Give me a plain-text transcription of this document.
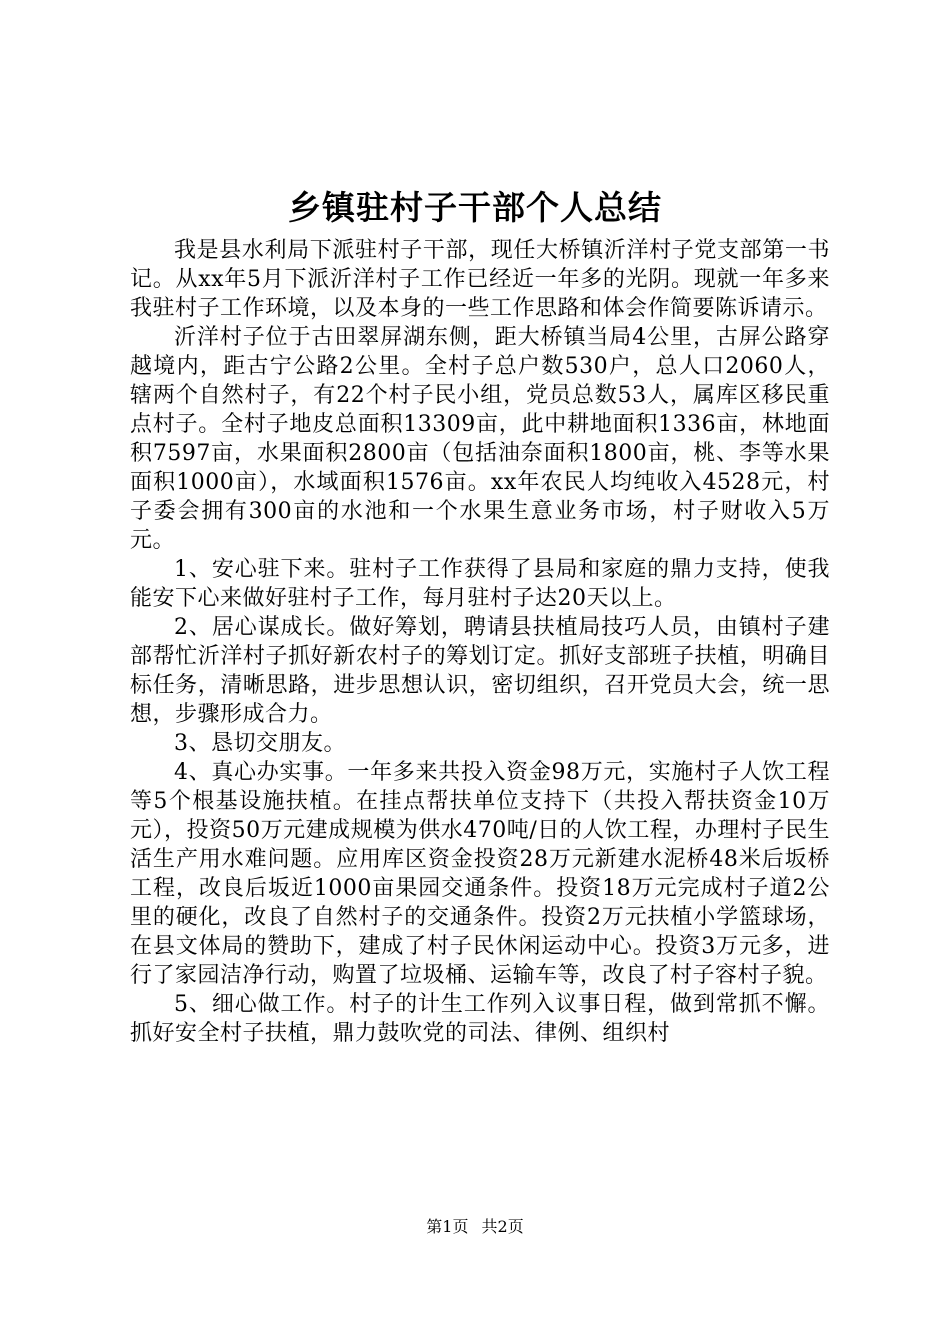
乡镇驻村子干部个人总结

我是县水利局下派驻村子干部，现任大桥镇沂洋村子党支部第一书记。从xx年5月下派沂洋村子工作已经近一年多的光阴。现就一年多来我驻村子工作环境，以及本身的一些工作思路和体会作简要陈诉请示。

沂洋村子位于古田翠屏湖东侧，距大桥镇当局4公里，古屏公路穿越境内，距古宁公路2公里。全村子总户数530户，总人口2060人，辖两个自然村子，有22个村子民小组，党员总数53人，属库区移民重点村子。全村子地皮总面积13309亩，此中耕地面积1336亩，林地面积7597亩，水果面积2800亩（包括油奈面积1800亩，桃、李等水果面积1000亩），水域面积1576亩。xx年农民人均纯收入4528元，村子委会拥有300亩的水池和一个水果生意业务市场，村子财收入5万元。

1、安心驻下来。驻村子工作获得了县局和家庭的鼎力支持，使我能安下心来做好驻村子工作，每月驻村子达20天以上。

2、居心谋成长。做好筹划，聘请县扶植局技巧人员，由镇村子建部帮忙沂洋村子抓好新农村子的筹划订定。抓好支部班子扶植，明确目标任务，清晰思路，进步思想认识，密切组织，召开党员大会，统一思想，步骤形成合力。

3、恳切交朋友。

4、真心办实事。一年多来共投入资金98万元，实施村子人饮工程等5个根基设施扶植。在挂点帮扶单位支持下（共投入帮扶资金10万元），投资50万元建成规模为供水470吨/日的人饮工程，办理村子民生活生产用水难问题。应用库区资金投资28万元新建水泥桥48米后坂桥工程，改良后坂近1000亩果园交通条件。投资18万元完成村子道2公里的硬化，改良了自然村子的交通条件。投资2万元扶植小学篮球场，在县文体局的赞助下，建成了村子民休闲运动中心。投资3万元多，进行了家园洁净行动，购置了垃圾桶、运输车等，改良了村子容村子貌。

5、细心做工作。村子的计生工作列入议事日程，做到常抓不懈。抓好安全村子扶植，鼎力鼓吹党的司法、律例、组织村

第1页 共2页
